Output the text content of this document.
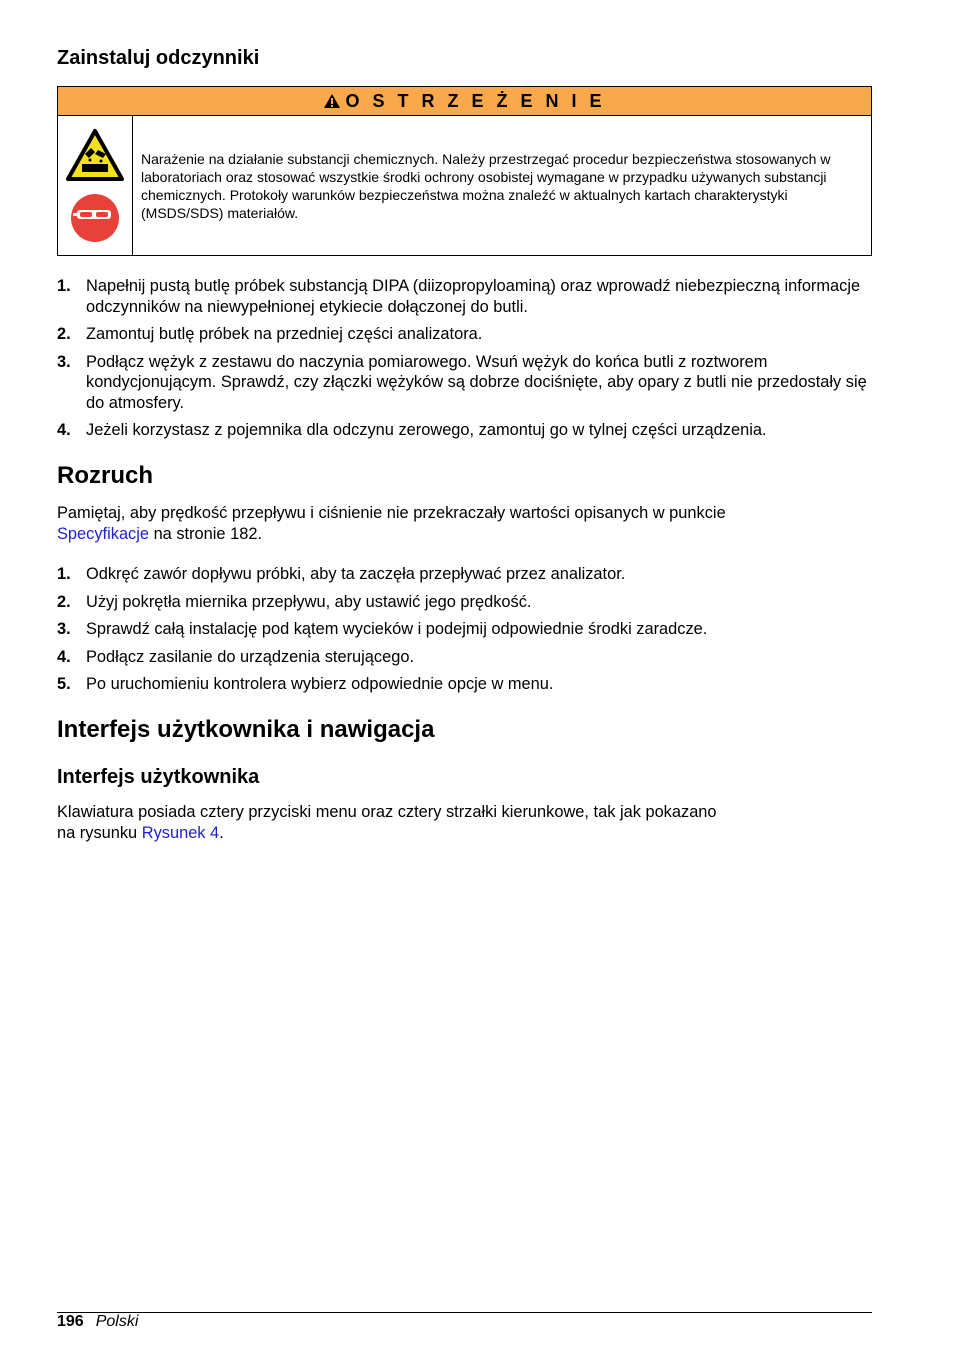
Zainstaluj odczynniki
O S T R Z E Ż E N I E
Narażenie na działanie substancji chemicznych. Należy przestrzegać procedur bezpieczeństwa stosowanych w laboratoriach oraz stosować wszystkie środki ochrony osobistej wymagane w przypadku używanych substancji chemicznych. Protokoły warunków bezpieczeństwa można znaleźć w aktualnych kartach charakterystyki (MSDS/SDS) materiałów.
1. Napełnij pustą butlę próbek substancją DIPA (diizopropyloaminą) oraz wprowadź niebezpieczną informacje odczynników na niewypełnionej etykiecie dołączonej do butli.
2. Zamontuj butlę próbek na przedniej części analizatora.
3. Podłącz wężyk z zestawu do naczynia pomiarowego. Wsuń wężyk do końca butli z roztworem kondycjonującym. Sprawdź, czy złączki wężyków są dobrze dociśnięte, aby opary z butli nie przedostały się do atmosfery.
4. Jeżeli korzystasz z pojemnika dla odczynu zerowego, zamontuj go w tylnej części urządzenia.
Rozruch

Pamiętaj, aby prędkość przepływu i ciśnienie nie przekraczały wartości opisanych w punkcie
Specyfikacje na stronie 182.

1. Odkręć zawór dopływu próbki, aby ta zaczęła przepływać przez analizator.
2. Użyj pokrętła miernika przepływu, aby ustawić jego prędkość.
3. Sprawdź całą instalację pod kątem wycieków i podejmij odpowiednie środki zaradcze.
4. Podłącz zasilanie do urządzenia sterującego.
5. Po uruchomieniu kontrolera wybierz odpowiednie opcje w menu.
Interfejs użytkownika i nawigacja
Interfejs użytkownika

Klawiatura posiada cztery przyciski menu oraz cztery strzałki kierunkowe, tak jak pokazano
na rysunku Rysunek 4.

196 Polski
